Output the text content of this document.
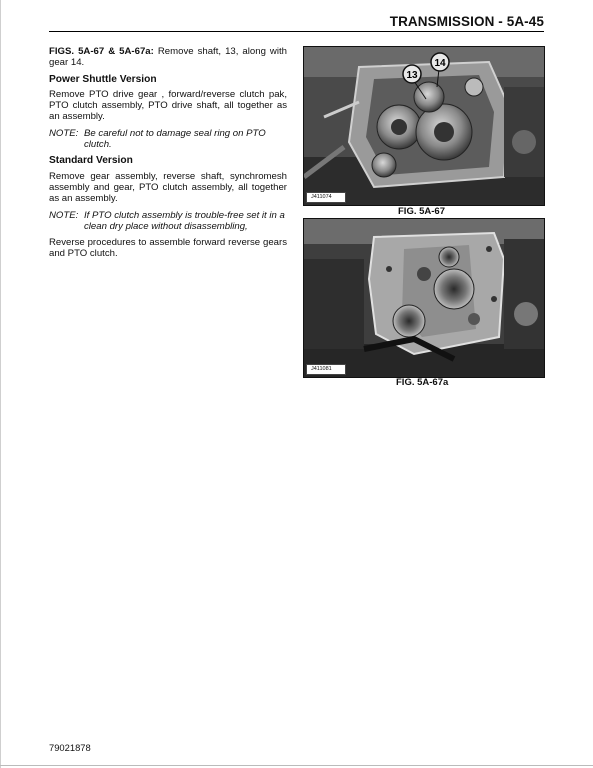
TRANSMISSION - 5A-45

FIGS. 5A-67 & 5A-67a: Remove shaft, 13, along with gear 14.

Power Shuttle Version

Remove PTO drive gear , forward/reverse clutch pak, PTO clutch assembly, PTO drive shaft, all together as an assembly.

NOTE: Be careful not to damage seal ring on PTO clutch.

Standard Version

Remove gear assembly, reverse shaft, synchromesh assembly and gear, PTO clutch assembly, all together as an assembly.

NOTE: If PTO clutch assembly is trouble-free set it in a clean dry place without disassembling,

Reverse procedures to assemble forward reverse gears and PTO clutch.

13
14
J411074
FIG. 5A-67
J411081
FIG. 5A-67a
79021878
